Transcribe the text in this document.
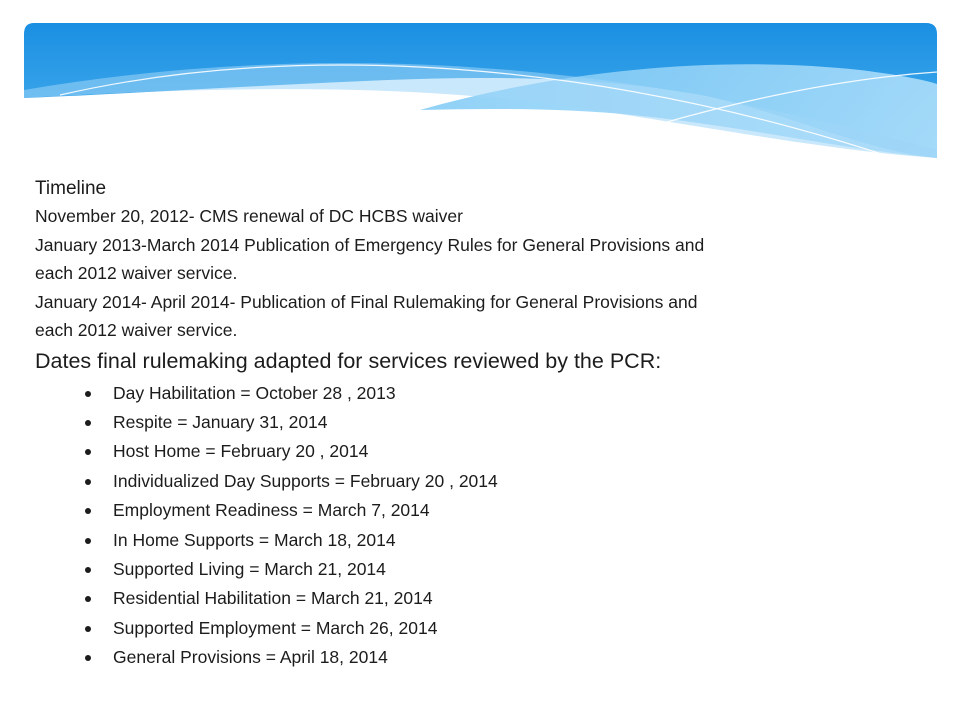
Timeline

November 20, 2012- CMS renewal of DC HCBS waiver

January 2013-March 2014 Publication of Emergency Rules for General Provisions and

each 2012 waiver service.

January 2014- April 2014- Publication of Final Rulemaking for General Provisions and

each 2012 waiver service.

Dates final rulemaking adapted for services reviewed by the PCR:

Day Habilitation = October 28 , 2013
Respite = January 31, 2014
Host Home = February 20 , 2014
Individualized Day Supports = February 20 , 2014
Employment Readiness = March 7, 2014
In Home Supports = March 18, 2014
Supported Living = March 21, 2014
Residential Habilitation = March 21, 2014
Supported Employment = March 26, 2014
General Provisions = April 18, 2014
